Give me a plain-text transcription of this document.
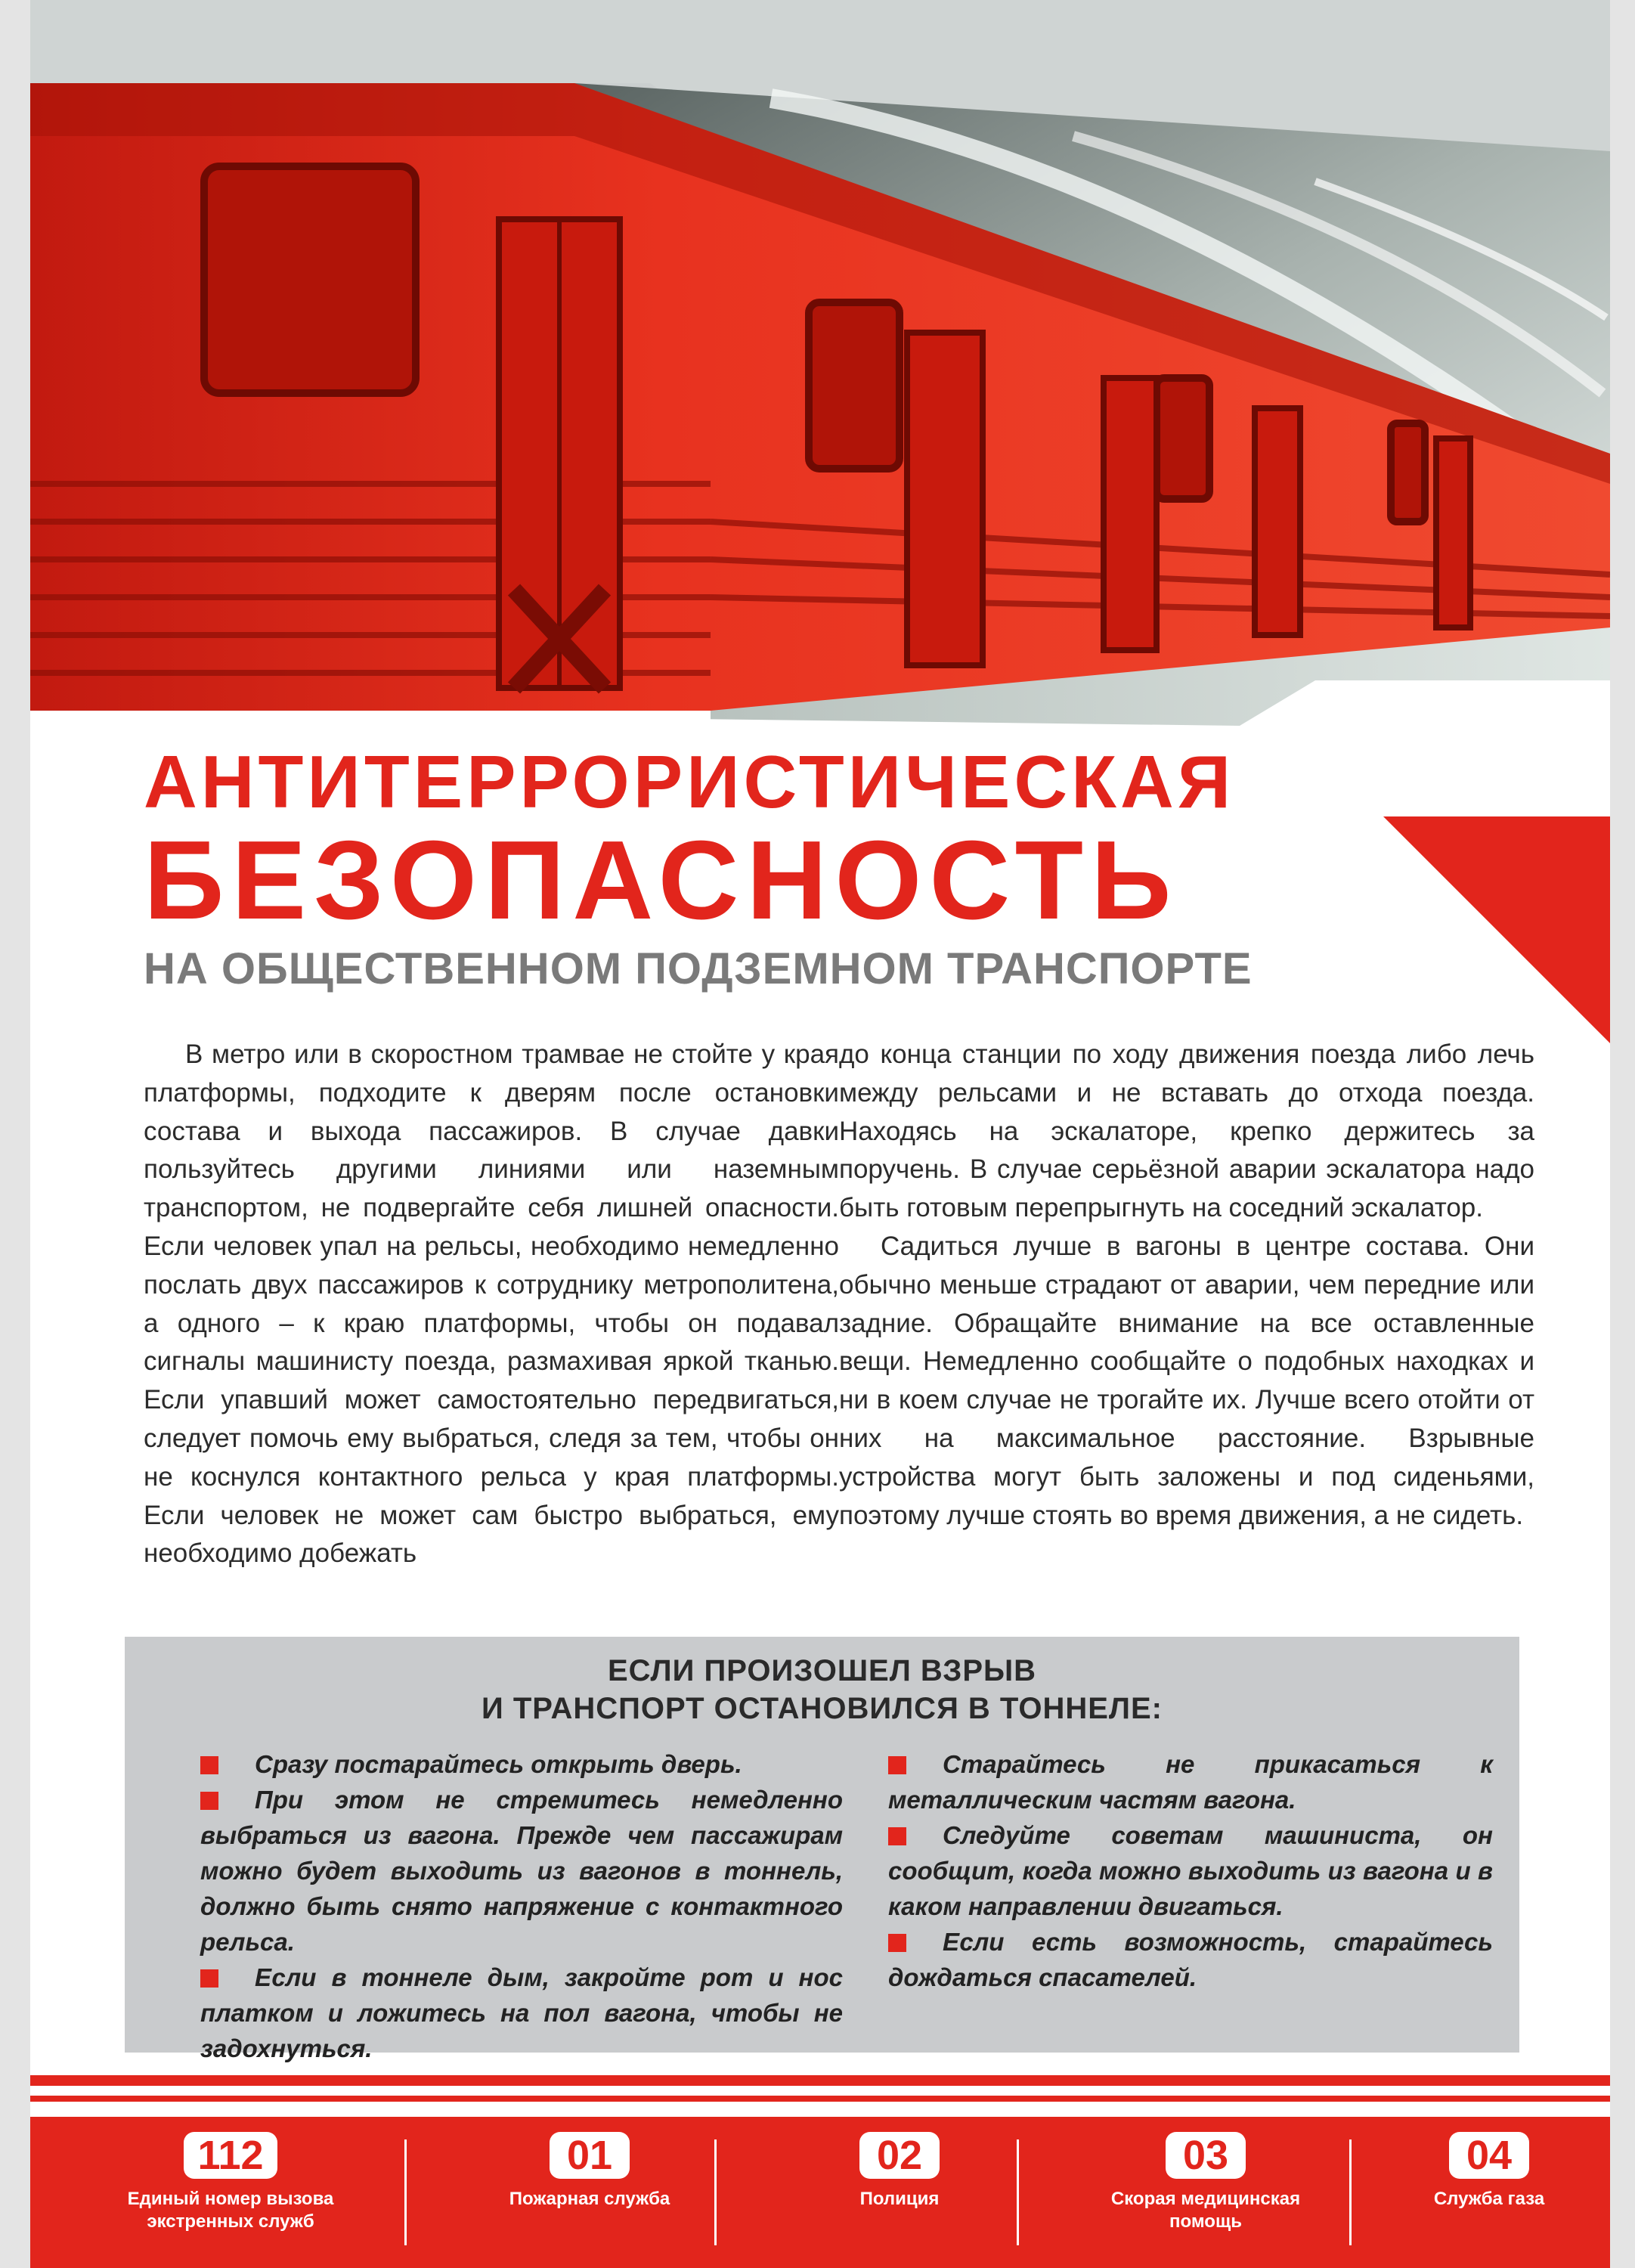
АНТИТЕРРОРИСТИЧЕСКАЯ
БЕЗОПАСНОСТЬ
НА ОБЩЕСТВЕННОМ ПОДЗЕМНОМ ТРАНСПОРТЕ

В метро или в скоростном трамвае не стойте у края платформы, подходите к дверям после остановки состава и выхода пассажиров. В случае давки пользуйтесь другими линиями или наземным транспортом, не подвергайте себя лишней опасности. Если человек упал на рельсы, необходимо немедленно послать двух пассажиров к сотруднику метрополитена, а одного – к краю платформы, чтобы он подавал сигналы машинисту поезда, размахивая яркой тканью. Если упавший может самостоятельно передвигаться, следует помочь ему выбраться, следя за тем, чтобы он не коснулся контактного рельса у края платформы. Если человек не может сам быстро выбраться, ему необходимо добежать

до конца станции по ходу движения поезда либо лечь между рельсами и не вставать до отхода поезда. Находясь на эскалаторе, крепко держитесь за поручень. В случае серьёзной аварии эскалатора надо быть готовым перепрыгнуть на соседний эскалатор.

Садиться лучше в вагоны в центре состава. Они обычно меньше страдают от аварии, чем передние или задние. Обращайте внимание на все оставленные вещи. Немедленно сообщайте о подобных находках и ни в коем случае не трогайте их. Лучше всего отойти от них на максимальное расстояние. Взрывные устройства могут быть заложены и под сиденьями, поэтому лучше стоять во время движения, а не сидеть.

ЕСЛИ ПРОИЗОШЕЛ ВЗРЫВ
И ТРАНСПОРТ ОСТАНОВИЛСЯ В ТОННЕЛЕ:
Сразу постарайтесь открыть дверь.
При этом не стремитесь немедленно выбраться из вагона. Прежде чем пассажирам можно будет выходить из вагонов в тоннель, должно быть снято напряжение с контактного рельса.
Если в тоннеле дым, закройте рот и нос платком и ложитесь на пол вагона, чтобы не задохнуться.
Старайтесь не прикасаться к металлическим частям вагона.
Следуйте советам машиниста, он сообщит, когда можно выходить из вагона и в каком направлении двигаться.
Если есть возможность, старайтесь дождаться спасателей.
112
Единый номер вызова
экстренных служб
01
Пожарная служба
02
Полиция
03
Скорая медицинская
помощь
04
Служба газа
